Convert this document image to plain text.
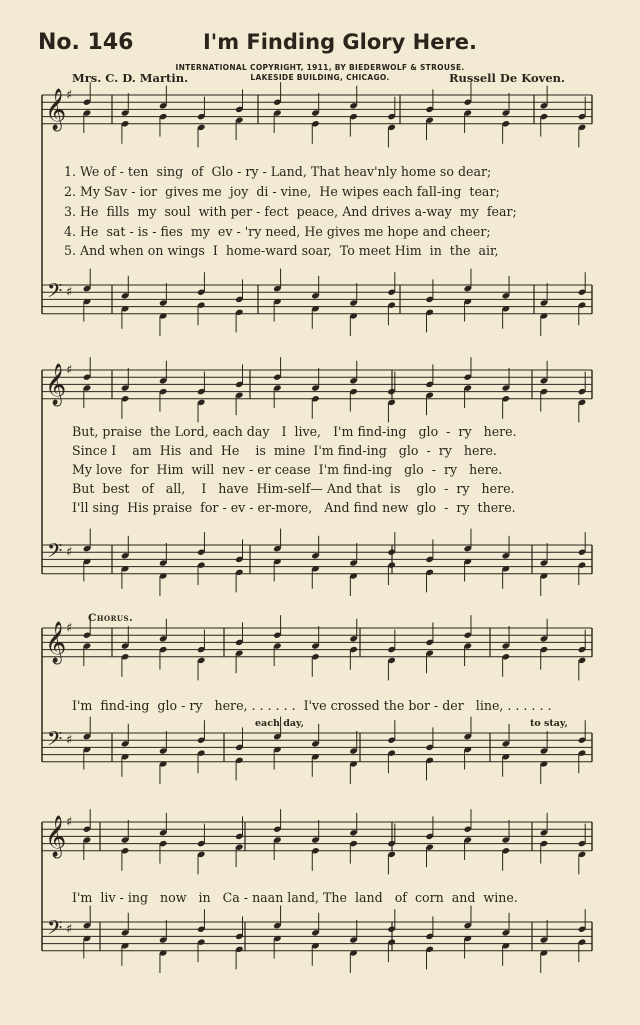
No. 146	I'm Finding Glory Here.
INTERNATIONAL COPYRIGHT, 1911, BY BIEDERWOLF & STROUSE.
LAKESIDE BUILDING, CHICAGO.
Mrs. C. D. Martin.	Russell De Koven.
𝄞
𝄢
♯
♯
𝄞
𝄢
♯
♯
𝄞
𝄢
♯
♯
𝄞
𝄢
♯
♯
1. We of - ten  sing  of  Glo - ry - Land, That heav'nly home so dear;
2. My Sav - ior  gives me  joy  di - vine,  He wipes each fall-ing  tear;
3. He  fills  my  soul  with per - fect  peace, And drives a-way  my  fear;
4. He  sat - is - fies  my  ev - 'ry need, He gives me hope and cheer;
5. And when on wings  I  home-ward soar,  To meet Him  in  the  air,
But, praise  the Lord, each day   I  live,   I'm find-ing   glo  -  ry   here.
Since I    am  His  and  He    is  mine  I'm find-ing   glo  -  ry   here.
My love  for  Him  will  nev - er cease  I'm find-ing   glo  -  ry   here.
But  best   of   all,    I   have  Him-self— And that  is    glo  -  ry   here.
I'll sing  His praise  for - ev - er-more,   And find new  glo  -  ry  there.
Chorus.
I'm  find-ing  glo - ry   here, . . . . . .  I've crossed the bor - der   line, . . . . . .
each day,	to stay,
I'm  liv - ing   now   in   Ca - naan land, The  land   of  corn  and  wine.
